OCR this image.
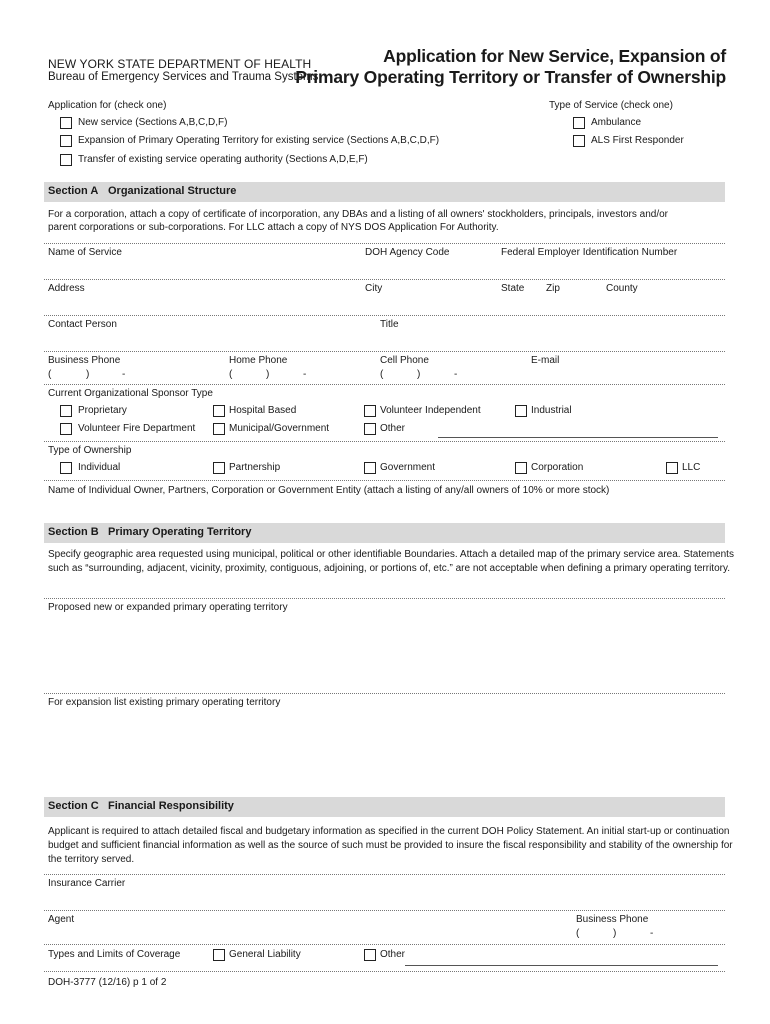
NEW YORK STATE DEPARTMENT OF HEALTH
Bureau of Emergency Services and Trauma Systems
Application for New Service, Expansion of
Primary Operating Territory or Transfer of Ownership
Application for (check one)
New service (Sections A,B,C,D,F)
Expansion of Primary Operating Territory for existing service (Sections A,B,C,D,F)
Transfer of existing service operating authority (Sections A,D,E,F)
Type of Service (check one)
Ambulance
ALS First Responder
Section A Organizational Structure
For a corporation, attach a copy of certificate of incorporation, any DBAs and a listing of all owners' stockholders, principals, investors and/or
parent corporations or sub-corporations. For LLC attach a copy of NYS DOS Application For Authority.
Name of Service	DOH Agency Code	Federal Employer Identification Number
Address	City	State Zip	County
Contact Person	Title
Business Phone	Home Phone	Cell Phone	E-mail
(	)	-	(	)	-	(	)	-
Current Organizational Sponsor Type
Proprietary	Hospital Based	Volunteer Independent	Industrial
Volunteer Fire Department	Municipal/Government	Other
Type of Ownership
Individual	Partnership	Government	Corporation	LLC
Name of Individual Owner, Partners, Corporation or Government Entity (attach a listing of any/all owners of 10% or more stock)
Section B Primary Operating Territory
Specify geographic area requested using municipal, political or other identifiable Boundaries. Attach a detailed map of the primary service area. Statements
such as “surrounding, adjacent, vicinity, proximity, contiguous, adjoining, or portions of, etc.” are not acceptable when defining a primary operating territory.
Proposed new or expanded primary operating territory
For expansion list existing primary operating territory
Section C Financial Responsibility
Applicant is required to attach detailed fiscal and budgetary information as specified in the current DOH Policy Statement. An initial start-up or continuation
budget and sufficient financial information as well as the source of such must be provided to insure the fiscal responsibility and stability of the ownership for
the territory served.
Insurance Carrier
Agent	Business Phone
(	)	-
Types and Limits of Coverage	General Liability	Other
DOH-3777 (12/16) p 1 of 2
